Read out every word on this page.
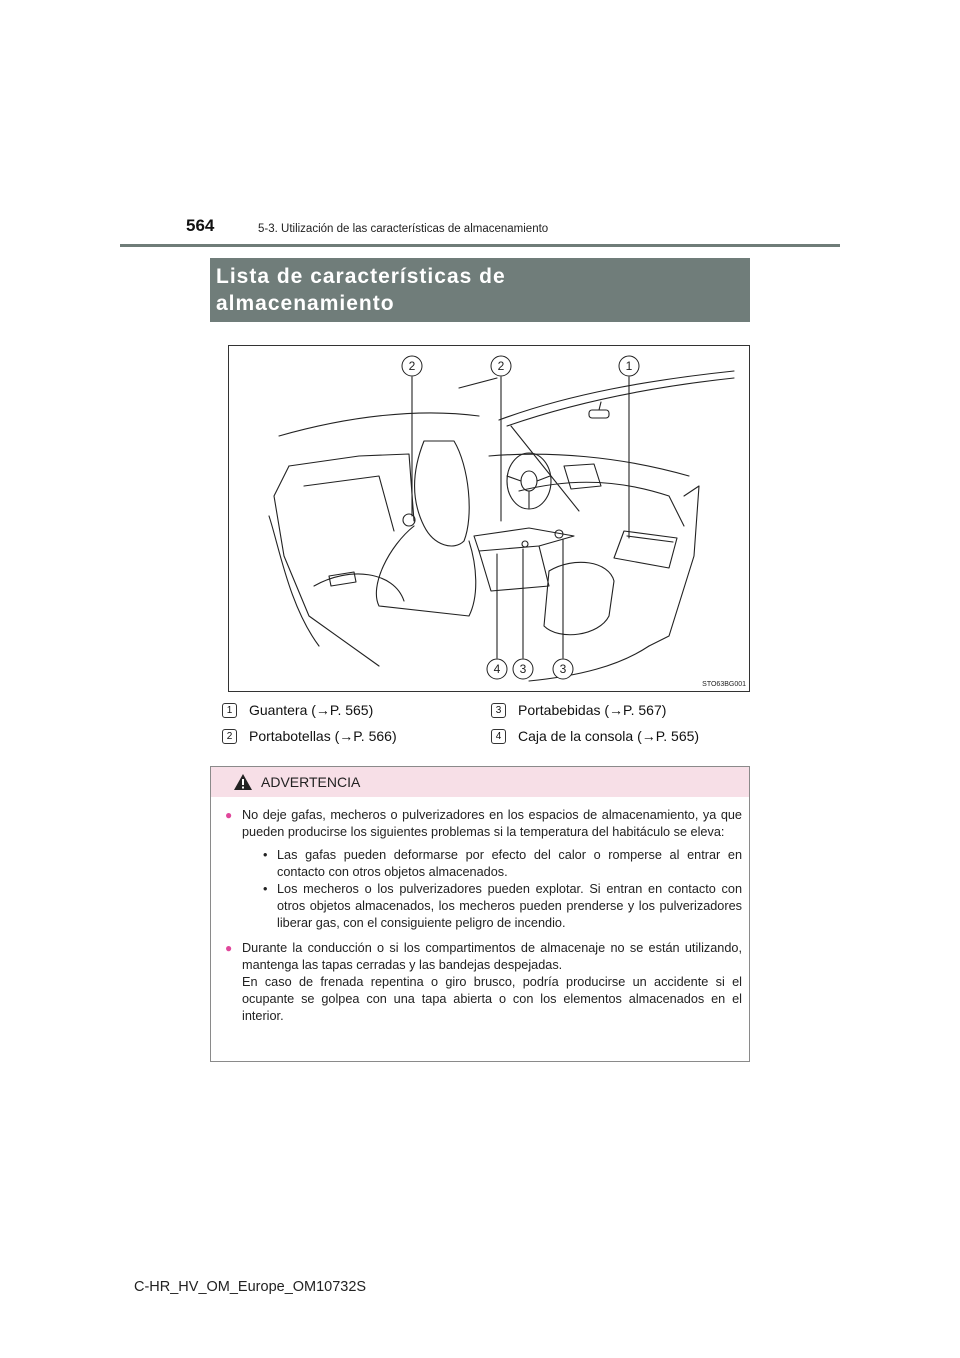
564	5-3. Utilización de las características de almacenamiento
Lista de características de
almacenamiento
2	2	1
4 3	3
STO63BG001
1	Guantera (→P. 565)
2	Portabotellas (→P. 566)
3	Portabebidas (→P. 567)
4	Caja de la consola (→P. 565)
ADVERTENCIA
● No deje gafas, mecheros o pulverizadores en los espacios de almacenamiento, ya que pueden producirse los siguientes problemas si la temperatura del habitáculo se eleva:
• Las gafas pueden deformarse por efecto del calor o romperse al entrar en contacto con otros objetos almacenados.
• Los mecheros o los pulverizadores pueden explotar. Si entran en contacto con otros objetos almacenados, los mecheros pueden prenderse y los pulverizadores liberar gas, con el consiguiente peligro de incendio.
● Durante la conducción o si los compartimentos de almacenaje no se están utilizando, mantenga las tapas cerradas y las bandejas despejadas.
En caso de frenada repentina o giro brusco, podría producirse un accidente si el ocupante se golpea con una tapa abierta o con los elementos almacenados en el interior.
C-HR_HV_OM_Europe_OM10732S
